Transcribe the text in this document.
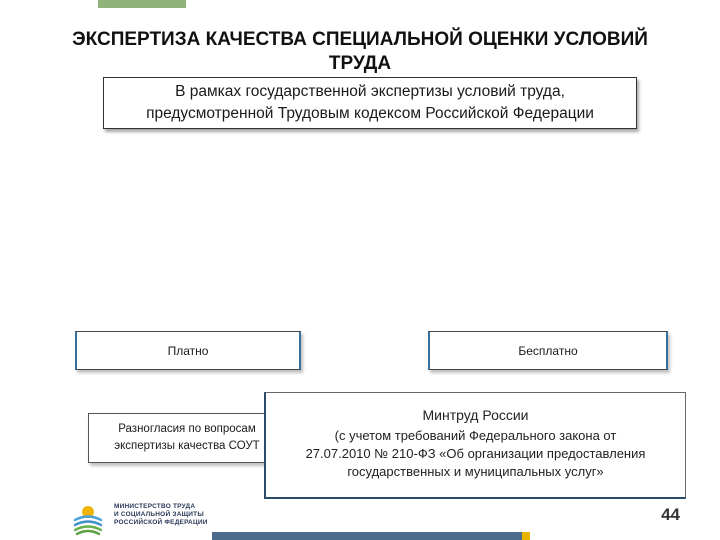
ЭКСПЕРТИЗА КАЧЕСТВА СПЕЦИАЛЬНОЙ ОЦЕНКИ УСЛОВИЙ
ТРУДА
В рамках государственной экспертизы условий труда,
предусмотренной Трудовым кодексом Российской Федерации
Платно	Бесплатно
Разногласия по вопросам
экспертизы качества СОУТ
Минтруд России
(с учетом требований Федерального закона от
27.07.2010 № 210-ФЗ «Об организации предоставления
государственных и муниципальных услуг»
МИНИСТЕРСТВО ТРУДА
И СОЦИАЛЬНОЙ ЗАЩИТЫ
РОССИЙСКОЙ ФЕДЕРАЦИИ	44
